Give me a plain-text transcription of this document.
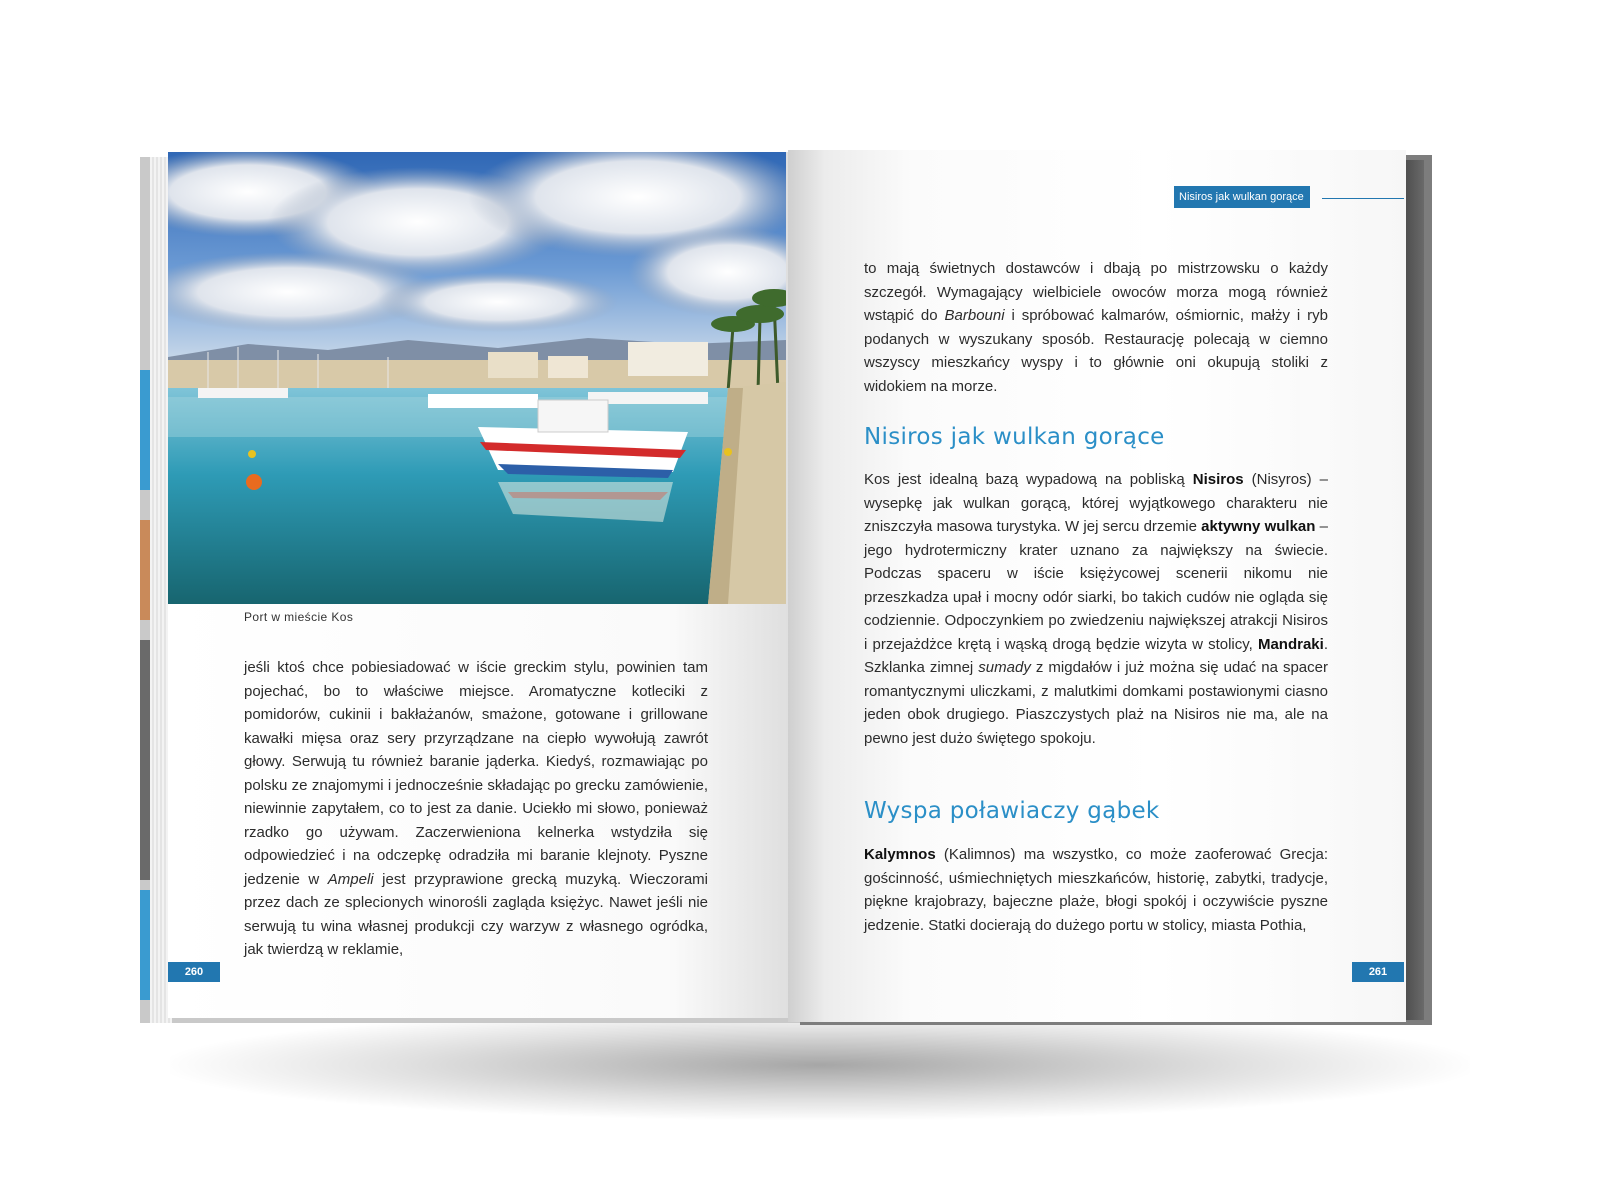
Port w mieście Kos
jeśli ktoś chce pobiesiadować w iście greckim stylu, powinien tam pojechać, bo to właściwe miejsce. Aromatyczne kotleciki z pomidorów, cukinii i bakłażanów, smażone, gotowane i grillowane kawałki mięsa oraz sery przyrządzane na ciepło wywołują zawrót głowy. Serwują tu również baranie jąderka. Kiedyś, rozmawiając po polsku ze znajomymi i jednocześnie składając po grecku zamówienie, niewinnie zapytałem, co to jest za danie. Uciekło mi słowo, ponieważ rzadko go używam. Zaczerwieniona kelnerka wstydziła się odpowiedzieć i na odczepkę odradziła mi baranie klejnoty. Pyszne jedzenie w Ampeli jest przyprawione grecką muzyką. Wieczorami przez dach ze splecionych winorośli zagląda księżyc. Nawet jeśli nie serwują tu wina własnej produkcji czy warzyw z własnego ogródka, jak twierdzą w reklamie,
Nisiros jak wulkan gorące
to mają świetnych dostawców i dbają po mistrzowsku o każdy szczegół. Wymagający wielbiciele owoców morza mogą również wstąpić do Barbouni i spróbować kalmarów, ośmiornic, małży i ryb podanych w wyszukany sposób. Restaurację polecają w ciemno wszyscy mieszkańcy wyspy i to głównie oni okupują stoliki z widokiem na morze.
Nisiros jak wulkan gorące
Kos jest idealną bazą wypadową na pobliską Nisiros (Nisyros) – wysepkę jak wulkan gorącą, której wyjątkowego charakteru nie zniszczyła masowa turystyka. W jej sercu drzemie aktywny wulkan – jego hydrotermiczny krater uznano za największy na świecie. Podczas spaceru w iście księżycowej scenerii nikomu nie przeszkadza upał i mocny odór siarki, bo takich cudów nie ogląda się codziennie. Odpoczynkiem po zwiedzeniu największej atrakcji Nisiros i przejażdżce krętą i wąską drogą będzie wizyta w stolicy, Mandraki. Szklanka zimnej sumady z migdałów i już można się udać na spacer romantycznymi uliczkami, z malutkimi domkami postawionymi ciasno jeden obok drugiego. Piaszczystych plaż na Nisiros nie ma, ale na pewno jest dużo świętego spokoju.
Wyspa poławiaczy gąbek
Kalymnos (Kalimnos) ma wszystko, co może zaoferować Grecja: gościnność, uśmiechniętych mieszkańców, historię, zabytki, tradycje, piękne krajobrazy, bajeczne plaże, błogi spokój i oczywiście pyszne jedzenie. Statki docierają do dużego portu w stolicy, miasta Pothia,
260	261
